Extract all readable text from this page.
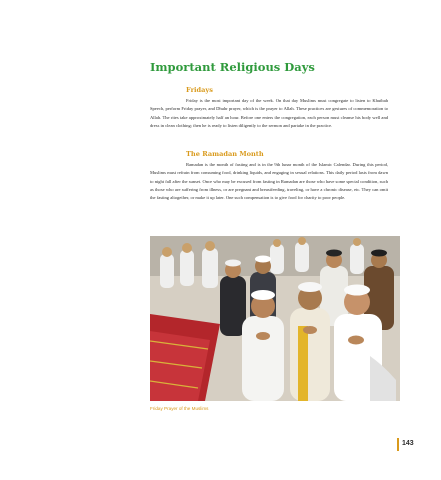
Important Religious Days
Fridays

Friday is the most important day of the week. On that day Muslims must congregate to listen to Khutbah Speech, perform Friday prayer, and Dhuhr prayer, which is the prayer to Allah. These practices are gestures of commemoration to Allah. The rites take approximately half an hour. Before one enters the congregation, each person must cleanse his body well and dress in clean clothing; then he is ready to listen diligently to the sermon and partake in the practice.

The Ramadan Month

Ramadan is the month of fasting and is in the 9th lunar month of the Islamic Calendar. During this period, Muslims must refrain from consuming food, drinking liquids, and engaging in sexual relations. This daily period lasts from dawn to night fall after the sunset. Once who may be excused from fasting in Ramadan are those who have some special condition, such as those who are suffering from illness, or are pregnant and breastfeeding, traveling, or have a chronic disease, etc. They can omit the fasting altogether, or make it up later. One such compensation is to give food for charity to poor people.

Friday Prayer of the Muslims
143
